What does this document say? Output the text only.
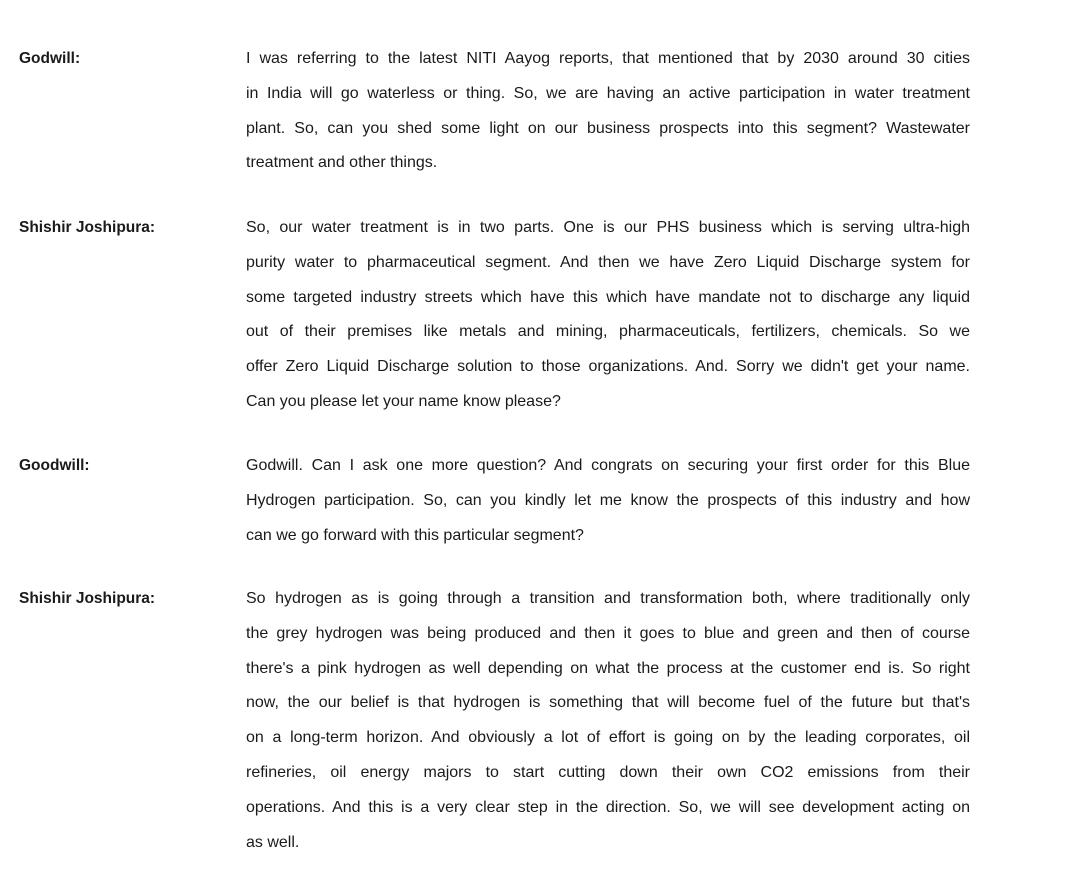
Godwill:	I was referring to the latest NITI Aayog reports, that mentioned that by 2030 around 30 cities
in India will go waterless or thing. So, we are having an active participation in water treatment
plant. So, can you shed some light on our business prospects into this segment? Wastewater
treatment and other things.
Shishir Joshipura:	So, our water treatment is in two parts. One is our PHS business which is serving ultra-high
purity water to pharmaceutical segment. And then we have Zero Liquid Discharge system for
some targeted industry streets which have this which have mandate not to discharge any liquid
out of their premises like metals and mining, pharmaceuticals, fertilizers, chemicals. So we
offer Zero Liquid Discharge solution to those organizations. And. Sorry we didn't get your name.
Can you please let your name know please?
Goodwill:	Godwill. Can I ask one more question? And congrats on securing your first order for this Blue
Hydrogen participation. So, can you kindly let me know the prospects of this industry and how
can we go forward with this particular segment?
Shishir Joshipura:	So hydrogen as is going through a transition and transformation both, where traditionally only
the grey hydrogen was being produced and then it goes to blue and green and then of course
there's a pink hydrogen as well depending on what the process at the customer end is. So right
now, the our belief is that hydrogen is something that will become fuel of the future but that's
on a long-term horizon. And obviously a lot of effort is going on by the leading corporates, oil
refineries, oil energy majors to start cutting down their own CO2 emissions from their
operations. And this is a very clear step in the direction. So, we will see development acting on
as well.
